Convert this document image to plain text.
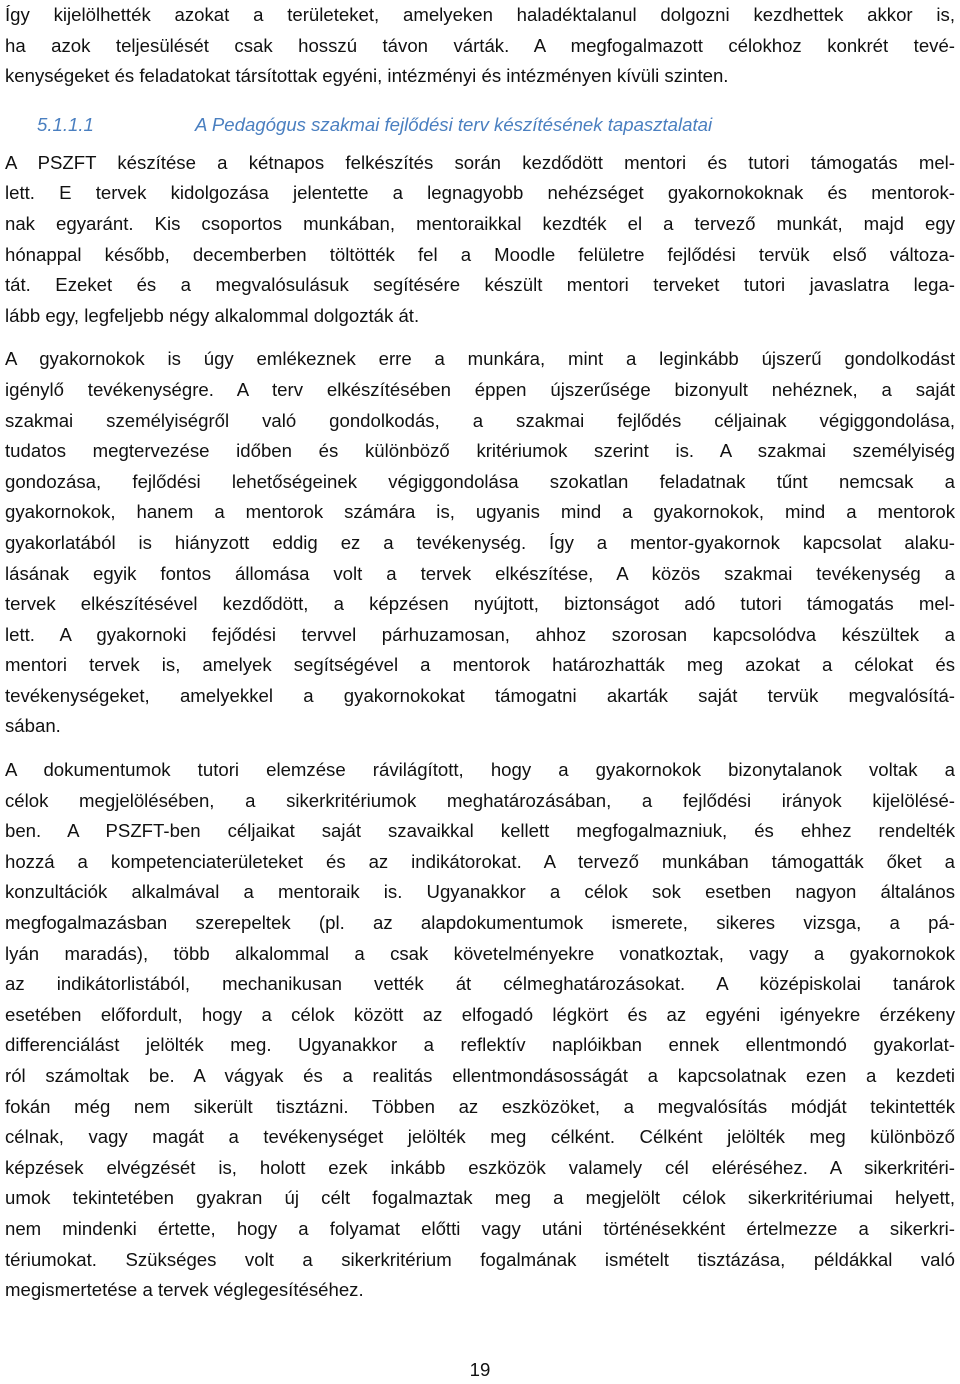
Így kijelölhették azokat a területeket, amelyeken haladéktalanul dolgozni kezdhettek akkor is,
ha azok teljesülését csak hosszú távon várták. A megfogalmazott célokhoz konkrét tevé-
kenységeket és feladatokat társítottak egyéni, intézményi és intézményen kívüli szinten.
5.1.1.1	A Pedagógus szakmai fejlődési terv készítésének tapasztalatai
A PSZFT készítése a kétnapos felkészítés során kezdődött mentori és tutori támogatás mel-
lett. E tervek kidolgozása jelentette a legnagyobb nehézséget gyakornokoknak és mentorok-
nak egyaránt. Kis csoportos munkában, mentoraikkal kezdték el a tervező munkát, majd egy
hónappal később, decemberben töltötték fel a Moodle felületre fejlődési tervük első változa-
tát. Ezeket és a megvalósulásuk segítésére készült mentori terveket tutori javaslatra lega-
lább egy, legfeljebb négy alkalommal dolgozták át.
A gyakornokok is úgy emlékeznek erre a munkára, mint a leginkább újszerű gondolkodást
igénylő tevékenységre. A terv elkészítésében éppen újszerűsége bizonyult nehéznek, a saját
szakmai személyiségről való gondolkodás, a szakmai fejlődés céljainak végiggondolása,
tudatos megtervezése időben és különböző kritériumok szerint is. A szakmai személyiség
gondozása, fejlődési lehetőségeinek végiggondolása szokatlan feladatnak tűnt nemcsak a
gyakornokok, hanem a mentorok számára is, ugyanis mind a gyakornokok, mind a mentorok
gyakorlatából is hiányzott eddig ez a tevékenység. Így a mentor-gyakornok kapcsolat alaku-
lásának egyik fontos állomása volt a tervek elkészítése, A közös szakmai tevékenység a
tervek elkészítésével kezdődött, a képzésen nyújtott, biztonságot adó tutori támogatás mel-
lett. A gyakornoki fejődési tervvel párhuzamosan, ahhoz szorosan kapcsolódva készültek a
mentori tervek is, amelyek segítségével a mentorok határozhatták meg azokat a célokat és
tevékenységeket, amelyekkel a gyakornokokat támogatni akarták saját tervük megvalósítá-
sában.
A dokumentumok tutori elemzése rávilágított, hogy a gyakornokok bizonytalanok voltak a
célok megjelölésében, a sikerkritériumok meghatározásában, a fejlődési irányok kijelölésé-
ben. A PSZFT-ben céljaikat saját szavaikkal kellett megfogalmazniuk, és ehhez rendelték
hozzá a kompetenciaterületeket és az indikátorokat. A tervező munkában támogatták őket a
konzultációk alkalmával a mentoraik is. Ugyanakkor a célok sok esetben nagyon általános
megfogalmazásban szerepeltek (pl. az alapdokumentumok ismerete, sikeres vizsga, a pá-
lyán maradás), több alkalommal a csak követelményekre vonatkoztak, vagy a gyakornokok
az indikátorlistából, mechanikusan vették át célmeghatározásokat. A középiskolai tanárok
esetében előfordult, hogy a célok között az elfogadó légkört és az egyéni igényekre érzékeny
differenciálást jelölték meg. Ugyanakkor a reflektív naplóikban ennek ellentmondó gyakorlat-
ról számoltak be. A vágyak és a realitás ellentmondásosságát a kapcsolatnak ezen a kezdeti
fokán még nem sikerült tisztázni. Többen az eszközöket, a megvalósítás módját tekintették
célnak, vagy magát a tevékenységet jelölték meg célként. Célként jelölték meg különböző
képzések elvégzését is, holott ezek inkább eszközök valamely cél eléréséhez. A sikerkritéri-
umok tekintetében gyakran új célt fogalmaztak meg a megjelölt célok sikerkritériumai helyett,
nem mindenki értette, hogy a folyamat előtti vagy utáni történésekként értelmezze a sikerkri-
tériumokat. Szükséges volt a sikerkritérium fogalmának ismételt tisztázása, példákkal való
megismertetése a tervek véglegesítéséhez.
19
